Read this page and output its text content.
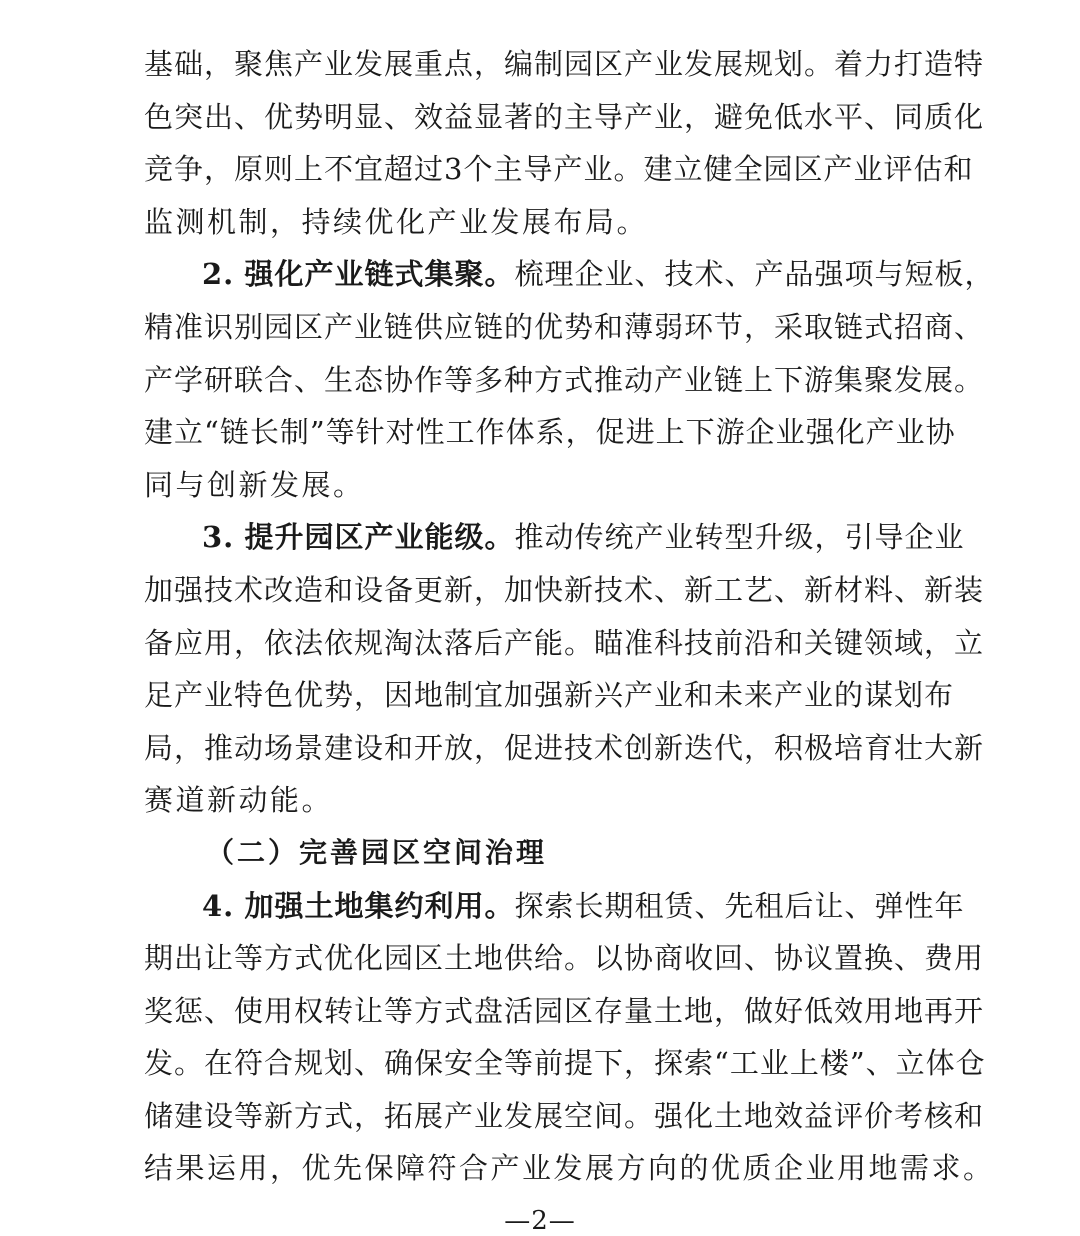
基础，聚焦产业发展重点，编制园区产业发展规划。着力打造特
色突出、优势明显、效益显著的主导产业，避免低水平、同质化
竞争，原则上不宜超过3个主导产业。建立健全园区产业评估和
监测机制，持续优化产业发展布局。
2. 强化产业链式集聚。梳理企业、技术、产品强项与短板，
精准识别园区产业链供应链的优势和薄弱环节，采取链式招商、
产学研联合、生态协作等多种方式推动产业链上下游集聚发展。
建立“链长制”等针对性工作体系，促进上下游企业强化产业协
同与创新发展。
3. 提升园区产业能级。推动传统产业转型升级，引导企业
加强技术改造和设备更新，加快新技术、新工艺、新材料、新装
备应用，依法依规淘汰落后产能。瞄准科技前沿和关键领域，立
足产业特色优势，因地制宜加强新兴产业和未来产业的谋划布
局，推动场景建设和开放，促进技术创新迭代，积极培育壮大新
赛道新动能。
（二）完善园区空间治理
4. 加强土地集约利用。探索长期租赁、先租后让、弹性年
期出让等方式优化园区土地供给。以协商收回、协议置换、费用
奖惩、使用权转让等方式盘活园区存量土地，做好低效用地再开
发。在符合规划、确保安全等前提下，探索“工业上楼”、立体仓
储建设等新方式，拓展产业发展空间。强化土地效益评价考核和
结果运用，优先保障符合产业发展方向的优质企业用地需求。
—2—
